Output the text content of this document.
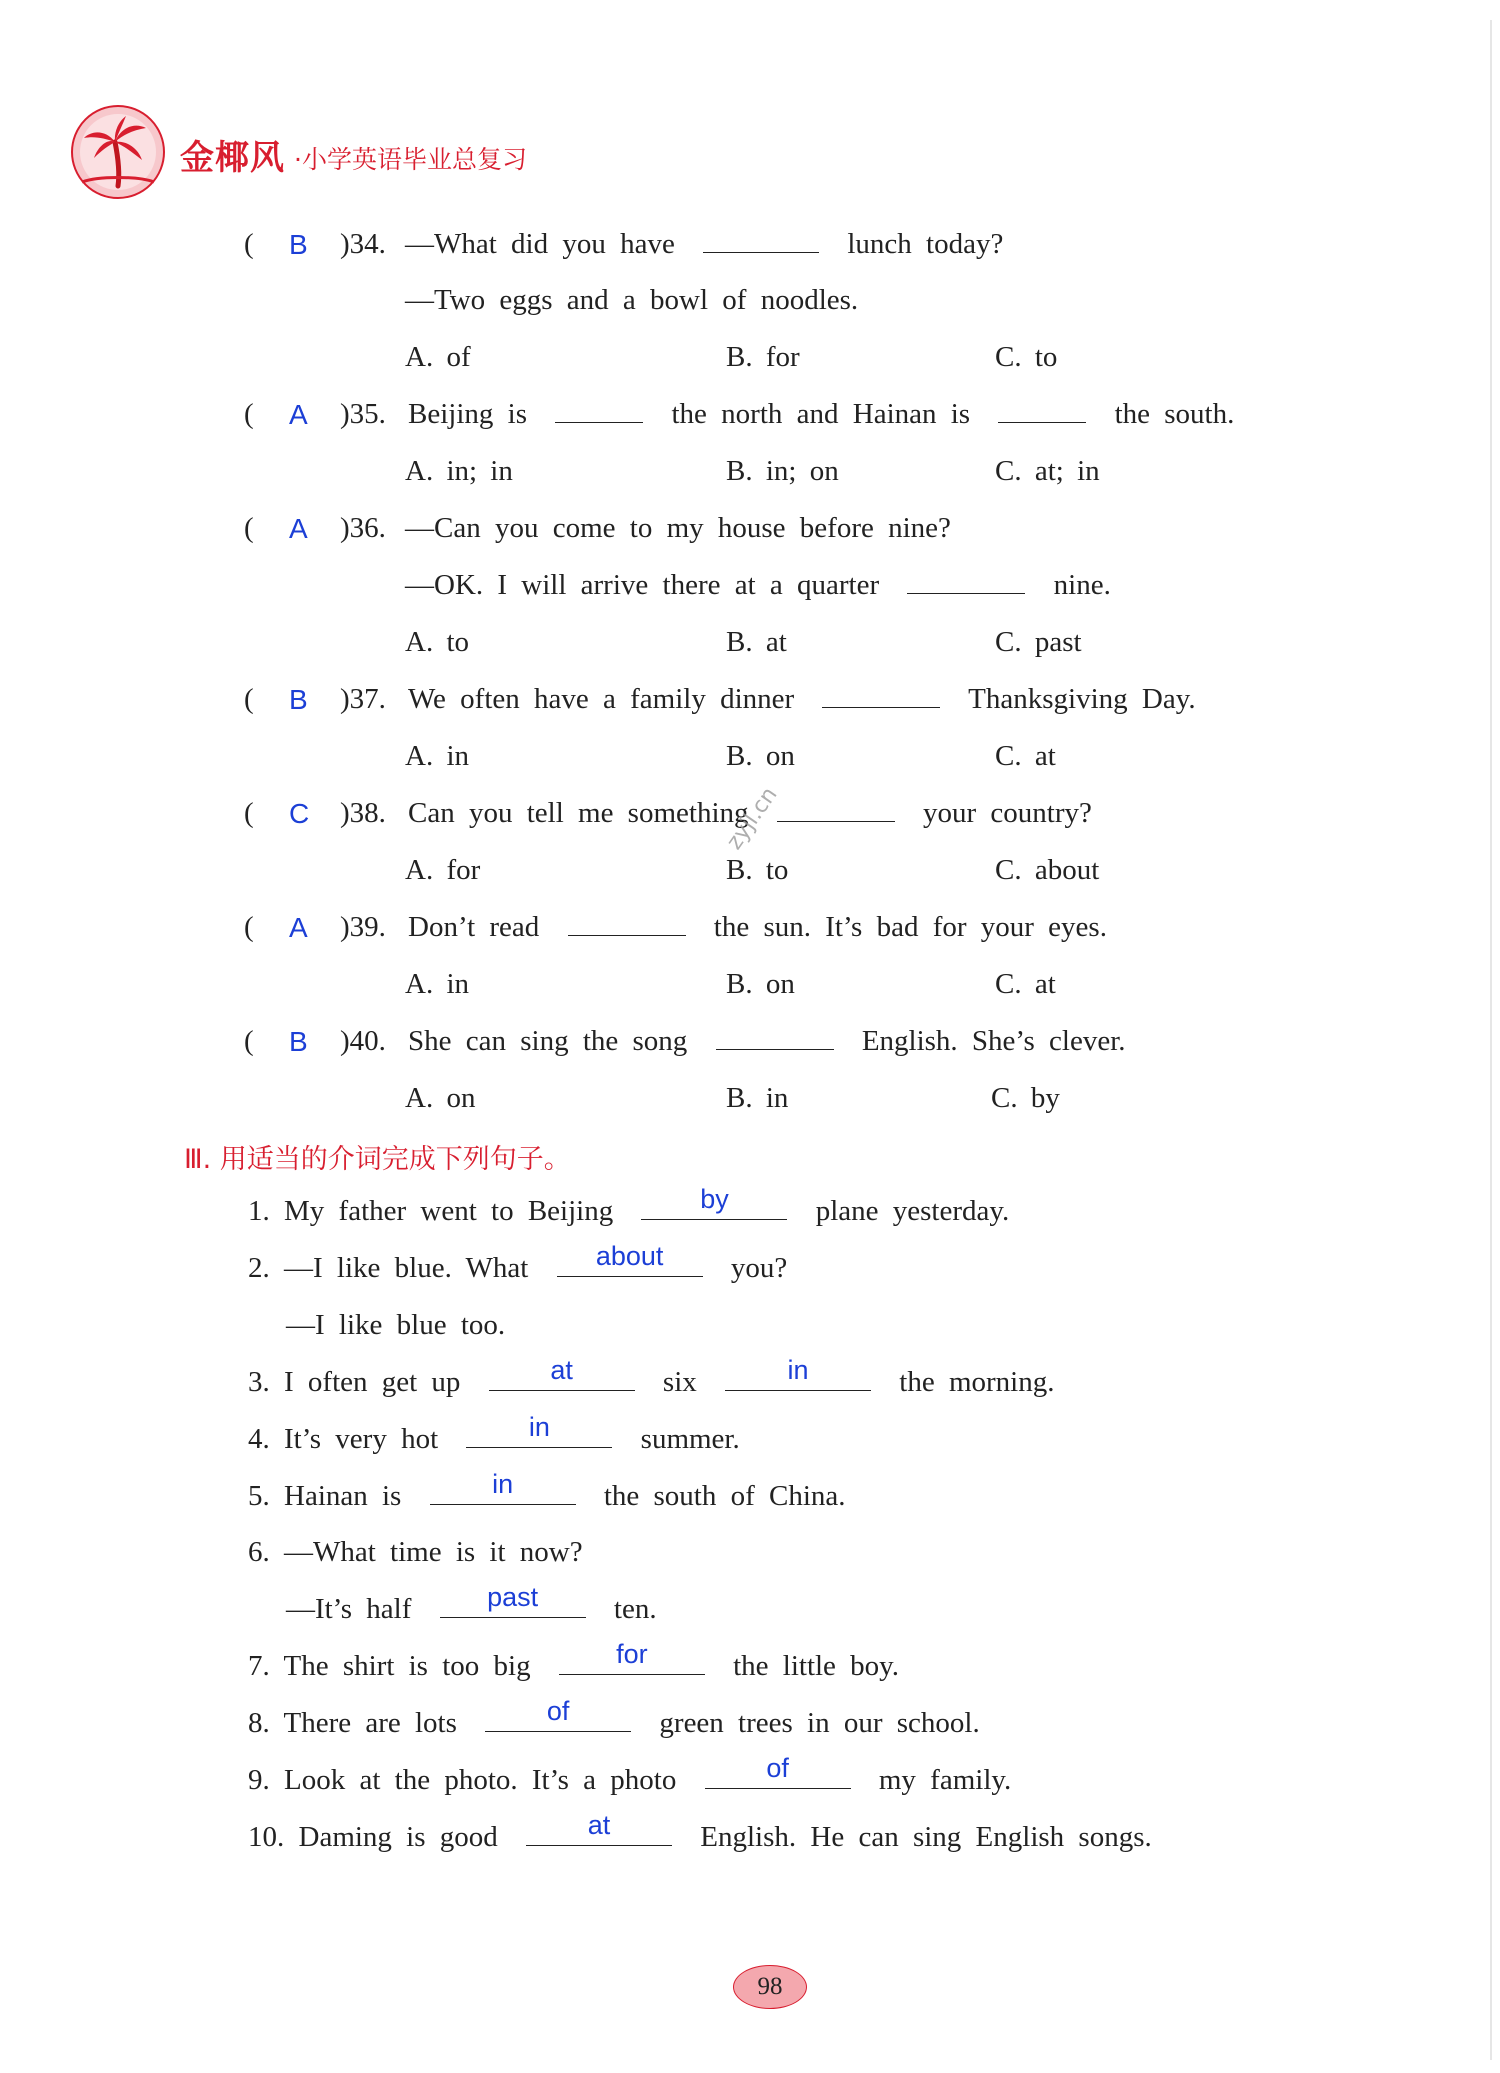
金椰风 ·小学英语毕业总复习
( B )34. —What did you have	lunch today?
—Two eggs and a bowl of noodles.
A. of	B. for	C. to
( A )35. Beijing is	the north and Hainan is	the south.
A. in; in	B. in; on	C. at; in
( A )36. —Can you come to my house before nine?
—OK. I will arrive there at a quarter	nine.
A. to	B. at	C. past
( B )37. We often have a family dinner	Thanksgiving Day.
A. in	B. on	C. at
( C )38. Can you tell me something	your country?
A. for	B. to	C. about
( A )39. Don’t read	the sun. It’s bad for your eyes.
A. in	B. on	C. at
( B )40. She can sing the song	English. She’s clever.
A. on	B. in	C. by
zyjl.cn
Ⅲ. 用适当的介词完成下列句子。
1. My father went to Beijing	by	plane yesterday.
2. —I like blue. What	about	you?
—I like blue too.
3. I often get up	at	six	in	the morning.
4. It’s very hot	in	summer.
5. Hainan is	in	the south of China.
6. —What time is it now?
—It’s half	past	ten.
7. The shirt is too big	for	the little boy.
8. There are lots	of	green trees in our school.
9. Look at the photo. It’s a photo	of	my family.
10. Daming is good	at	English. He can sing English songs.
98
